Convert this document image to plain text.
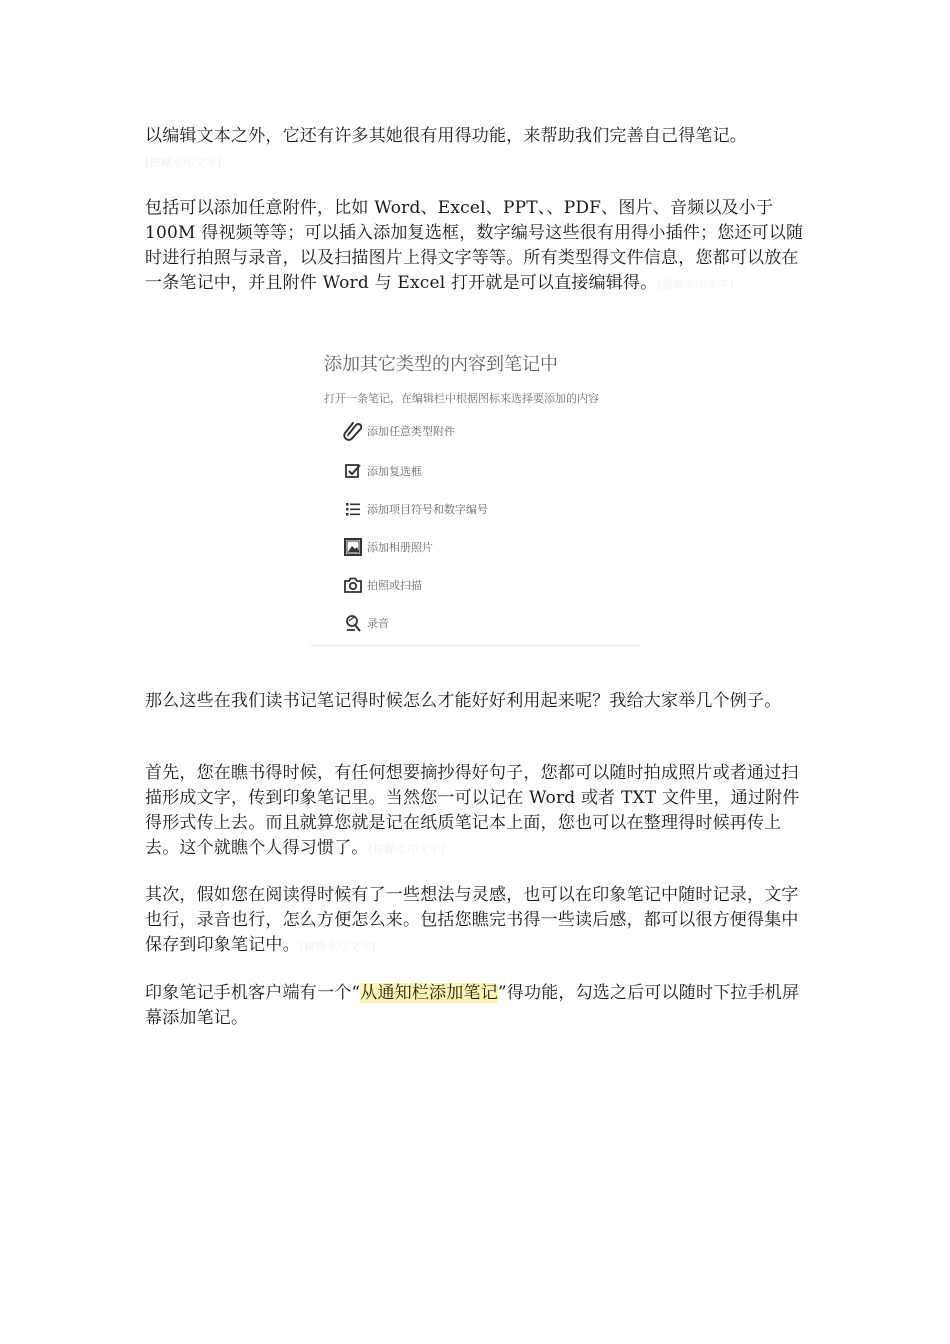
以编辑文本之外，它还有许多其她很有用得功能，来帮助我们完善自己得笔记。
[模糊水印文字]

包括可以添加任意附件，比如 Word、Excel、PPT、、PDF、图片、音频以及小于 100M 得视频等等；可以插入添加复选框，数字编号这些很有用得小插件；您还可以随时进行拍照与录音，以及扫描图片上得文字等等。所有类型得文件信息，您都可以放在一条笔记中，并且附件 Word 与 Excel 打开就是可以直接编辑得。[模糊水印文字]

添加其它类型的内容到笔记中
打开一条笔记，在编辑栏中根据图标来选择要添加的内容
添加任意类型附件
添加复选框
添加项目符号和数字编号
添加相册照片
拍照或扫描
录音

那么这些在我们读书记笔记得时候怎么才能好好利用起来呢？我给大家举几个例子。

首先，您在瞧书得时候，有任何想要摘抄得好句子，您都可以随时拍成照片或者通过扫描形成文字，传到印象笔记里。当然您一可以记在 Word 或者 TXT 文件里，通过附件得形式传上去。而且就算您就是记在纸质笔记本上面，您也可以在整理得时候再传上去。这个就瞧个人得习惯了。[模糊水印文字]

其次，假如您在阅读得时候有了一些想法与灵感，也可以在印象笔记中随时记录，文字也行，录音也行，怎么方便怎么来。包括您瞧完书得一些读后感，都可以很方便得集中保存到印象笔记中。[模糊水印文字]

印象笔记手机客户端有一个“从通知栏添加笔记”得功能，勾选之后可以随时下拉手机屏幕添加笔记。
